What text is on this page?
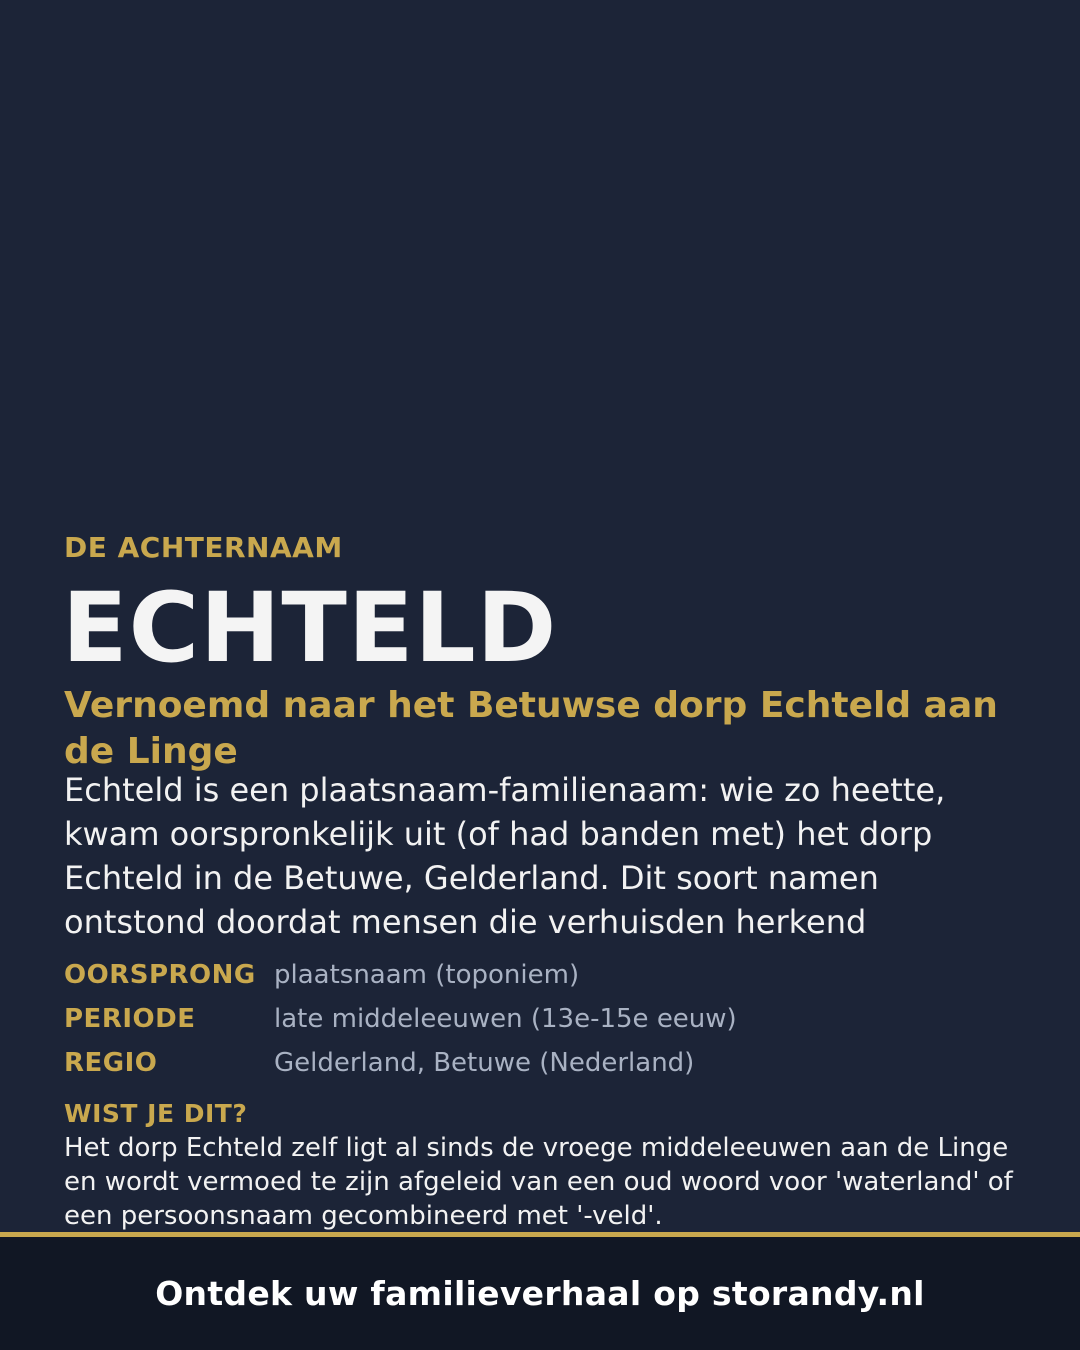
DE ACHTERNAAM

ECHTELD
Vernoemd naar het Betuwse dorp Echteld aan de Linge

Echteld is een plaatsnaam-familienaam: wie zo heette, kwam oorspronkelijk uit (of had banden met) het dorp Echteld in de Betuwe, Gelderland. Dit soort namen ontstond doordat mensen die verhuisden herkend

OORSPRONG plaatsnaam (toponiem)
PERIODE	late middeleeuwen (13e-15e eeuw)
REGIO	Gelderland, Betuwe (Nederland)

WIST JE DIT?

Het dorp Echteld zelf ligt al sinds de vroege middeleeuwen aan de Linge en wordt vermoed te zijn afgeleid van een oud woord voor 'waterland' of een persoonsnaam gecombineerd met '-veld'.

Ontdek uw familieverhaal op storandy.nl
